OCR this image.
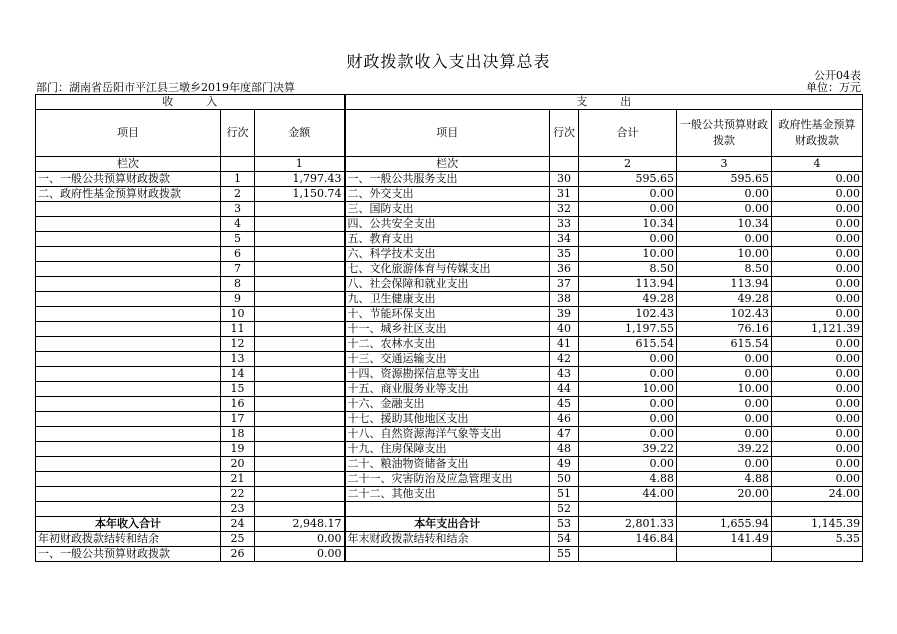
财政拨款收入支出决算总表
公开04表
单位：万元
部门：湖南省岳阳市平江县三墩乡2019年度部门决算
收　　　入			支　　　出				
项目	行次	金额	项目	行次	合计	一般公共预算财政拨款	政府性基金预算财政拨款
栏次		1	栏次		2	3	4
一、一般公共预算财政拨款	1	1,797.43	一、一般公共服务支出	30	595.65	595.65	0.00
二、政府性基金预算财政拨款	2	1,150.74	二、外交支出	31	0.00	0.00	0.00
	3		三、国防支出	32	0.00	0.00	0.00
	4		四、公共安全支出	33	10.34	10.34	0.00
	5		五、教育支出	34	0.00	0.00	0.00
	6		六、科学技术支出	35	10.00	10.00	0.00
	7		七、文化旅游体育与传媒支出	36	8.50	8.50	0.00
	8		八、社会保障和就业支出	37	113.94	113.94	0.00
	9		九、卫生健康支出	38	49.28	49.28	0.00
	10		十、节能环保支出	39	102.43	102.43	0.00
	11		十一、城乡社区支出	40	1,197.55	76.16	1,121.39
	12		十二、农林水支出	41	615.54	615.54	0.00
	13		十三、交通运输支出	42	0.00	0.00	0.00
	14		十四、资源勘探信息等支出	43	0.00	0.00	0.00
	15		十五、商业服务业等支出	44	10.00	10.00	0.00
	16		十六、金融支出	45	0.00	0.00	0.00
	17		十七、援助其他地区支出	46	0.00	0.00	0.00
	18		十八、自然资源海洋气象等支出	47	0.00	0.00	0.00
	19		十九、住房保障支出	48	39.22	39.22	0.00
	20		二十、粮油物资储备支出	49	0.00	0.00	0.00
	21		二十一、灾害防治及应急管理支出	50	4.88	4.88	0.00
	22		二十二、其他支出	51	44.00	20.00	24.00
	23			52			
本年收入合计	24	2,948.17	本年支出合计	53	2,801.33	1,655.94	1,145.39
年初财政拨款结转和结余	25	0.00	年末财政拨款结转和结余	54	146.84	141.49	5.35
一、一般公共预算财政拨款	26	0.00		55			
